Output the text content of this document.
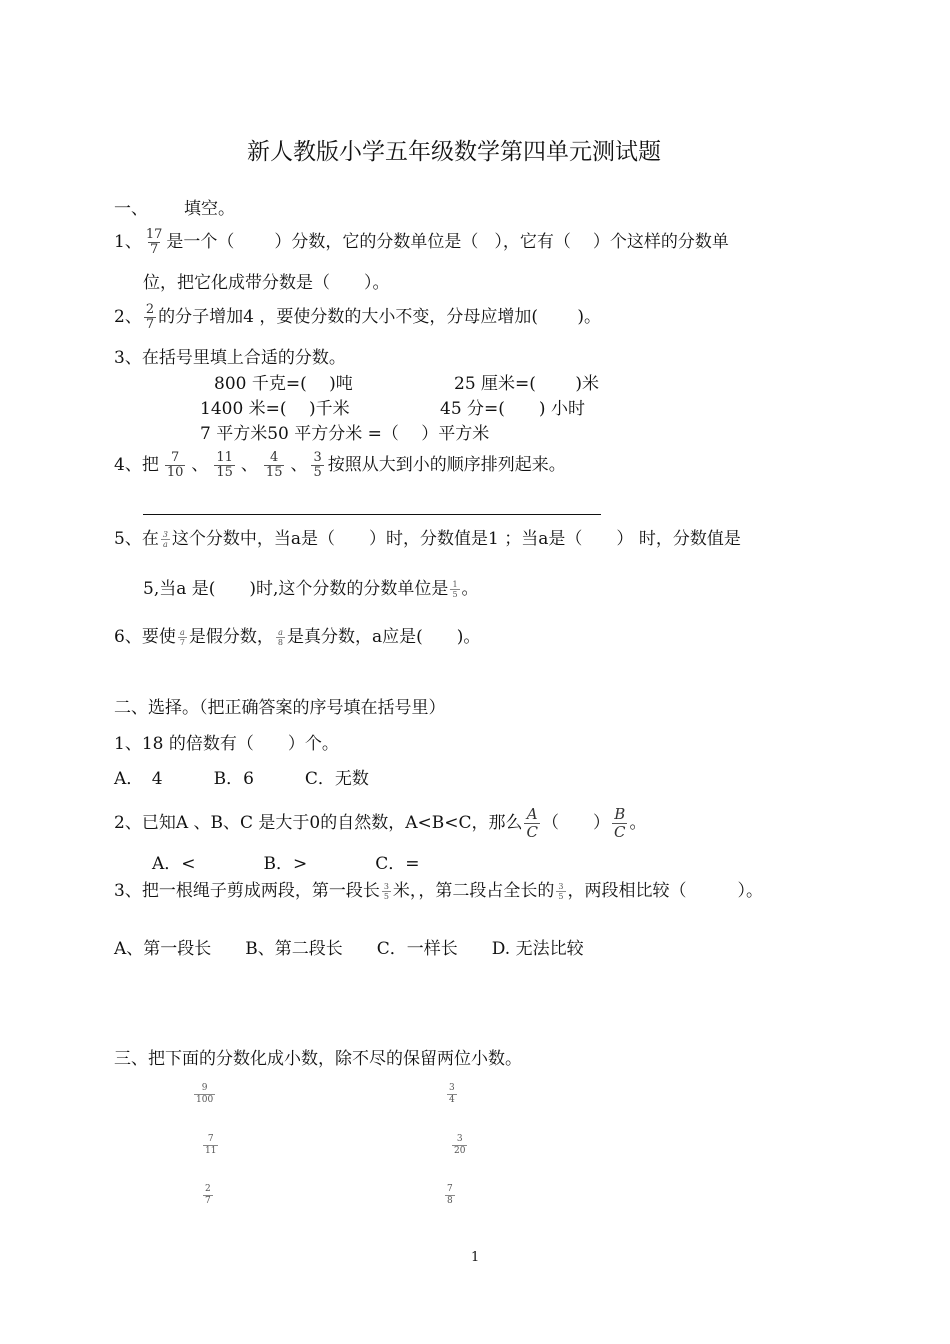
新人教版小学五年级数学第四单元测试题
一、 填空。
1、 $\frac{17}{7}$ 是一个（ ）分数，它的分数单位是（ ），它有（ ）个这样的分数单
位，把它化成带分数是（　　）。
2、 $\frac{2}{7}$ 的分子增加4 ，要使分数的大小不变，分母应增加(　　 )。
3、在括号里填上合适的分数。
800 千克=(　 )吨	25 厘米=(　　 )米
1400 米=(　 )千米	45 分=(　　) 小时
7 平方米50 平方分米 =（　 ）平方米
4、把 $\frac{7}{10}$ 、 $\frac{11}{15}$ 、 $\frac{4}{15}$ 、 $\frac{3}{5}$ 按照从大到小的顺序排列起来。
5、在 $\frac{3}{a}$ 这个分数中，当a是（　　）时，分数值是1 ；当a是（　　） 时，分数值是
5,当a 是(　　)时,这个分数的分数单位是 $\frac{1}{5}$ 。
6、要使 $\frac{a}{7}$ 是假分数， $\frac{a}{8}$ 是真分数，a应是(　　)。
二、选择。（把正确答案的序号填在括号里）
1、18 的倍数有（　　）个。
A．　4　　　B．6　　　C．无数
2、已知A 、B、C 是大于0的自然数，A<B<C，那么 $\frac{A}{C}$ （　　） $\frac{B}{C}$ 。
A．<　　　　B．>　　　　C．=
3、把一根绳子剪成两段，第一段长 $\frac{3}{5}$ 米，，第二段占全长的 $\frac{3}{5}$ ，两段相比较（　　　）。
A、第一段长　　B、第二段长　　C．一样长　　D. 无法比较
三、把下面的分数化成小数，除不尽的保留两位小数。
$\frac{9}{100}$	$\frac{3}{4}$
$\frac{7}{11}$	$\frac{3}{20}$
$\frac{2}{7}$	$\frac{7}{8}$
1
